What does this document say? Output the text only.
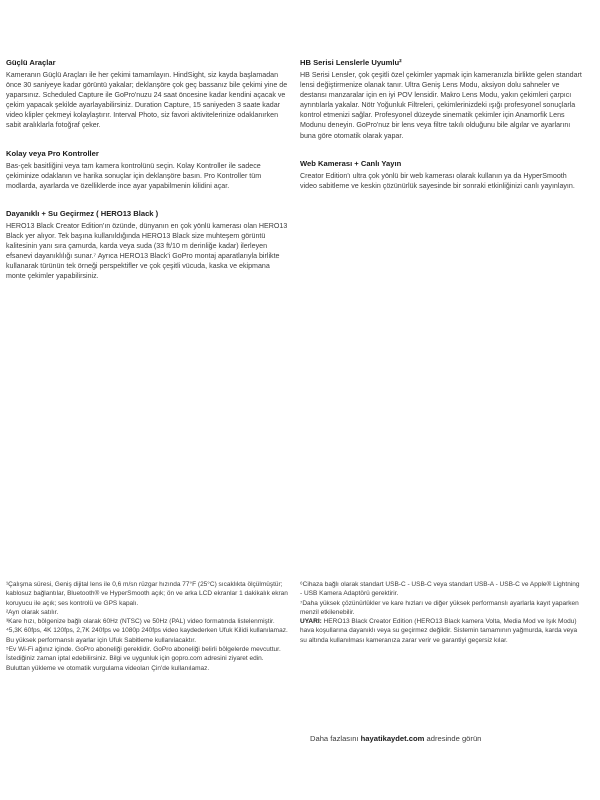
Güçlü Araçlar

Kameranın Güçlü Araçları ile her çekimi tamamlayın. HindSight, siz kayda başlamadan önce 30 saniyeye kadar görüntü yakalar; deklanşöre çok geç bassanız bile çekimi yine de yaparsınız. Scheduled Capture ile GoPro'nuzu 24 saat öncesine kadar kendini açacak ve çekim yapacak şekilde ayarlayabilirsiniz. Duration Capture, 15 saniyeden 3 saate kadar video klipler çekmeyi kolaylaştırır. Interval Photo, siz favori aktivitelerinize odaklanırken sabit aralıklarla fotoğraf çeker.

Kolay veya Pro Kontroller

Bas-çek basitliğini veya tam kamera kontrolünü seçin. Kolay Kontroller ile sadece çekiminize odaklanın ve harika sonuçlar için deklanşöre basın. Pro Kontroller tüm modlarda, ayarlarda ve özelliklerde ince ayar yapabilmenin kilidini açar.

Dayanıklı + Su Geçirmez ( HERO13 Black )

HERO13 Black Creator Edition'ın özünde, dünyanın en çok yönlü kamerası olan HERO13 Black yer alıyor. Tek başına kullanıldığında HERO13 Black size muhteşem görüntü kalitesinin yanı sıra çamurda, karda veya suda (33 ft/10 m derinliğe kadar) ilerleyen efsanevi dayanıklılığı sunar.⁷ Ayrıca HERO13 Black'i GoPro montaj aparatlarıyla birlikte kullanarak türünün tek örneği perspektifler ve çok çeşitli vücuda, kaska ve ekipmana monte çekimler yapabilirsiniz.

HB Serisi Lenslerle Uyumlu²

HB Serisi Lensler, çok çeşitli özel çekimler yapmak için kameranızla birlikte gelen standart lensi değiştirmenize olanak tanır. Ultra Geniş Lens Modu, aksiyon dolu sahneler ve destansı manzaralar için en iyi POV lensidir. Makro Lens Modu, yakın çekimleri çarpıcı ayrıntılarla yakalar. Nötr Yoğunluk Filtreleri, çekimlerinizdeki ışığı profesyonel sonuçlarla kontrol etmenizi sağlar. Profesyonel düzeyde sinematik çekimler için Anamorfik Lens Modunu deneyin. GoPro'nuz bir lens veya filtre takılı olduğunu bile algılar ve ayarlarını buna göre otomatik olarak yapar.

Web Kamerası + Canlı Yayın

Creator Edition'ı ultra çok yönlü bir web kamerası olarak kullanın ya da HyperSmooth video sabitleme ve keskin çözünürlük sayesinde bir sonraki etkinliğinizi canlı yayınlayın.

¹Çalışma süresi, Geniş dijital lens ile 0,6 m/sn rüzgar hızında 77°F (25°C) sıcaklıkta ölçülmüştür; kablosuz bağlantılar, Bluetooth® ve HyperSmooth açık; ön ve arka LCD ekranlar 1 dakikalık ekran koruyucu ile açık; ses kontrolü ve GPS kapalı.

²Ayrı olarak satılır.

³Kare hızı, bölgenize bağlı olarak 60Hz (NTSC) ve 50Hz (PAL) video formatında listelenmiştir.

⁴5,3K 60fps, 4K 120fps, 2,7K 240fps ve 1080p 240fps video kaydederken Ufuk Kilidi kullanılamaz. Bu yüksek performanslı ayarlar için Ufuk Sabitleme kullanılacaktır.

⁵Ev Wi-Fi ağınız içinde. GoPro aboneliği gereklidir. GoPro aboneliği belirli bölgelerde mevcuttur. İstediğiniz zaman iptal edebilirsiniz. Bilgi ve uygunluk için gopro.com adresini ziyaret edin. Buluttan yükleme ve otomatik vurgulama videoları Çin'de kullanılamaz.

⁶Cihaza bağlı olarak standart USB-C - USB-C veya standart USB-A - USB-C ve Apple® Lightning - USB Kamera Adaptörü gerektirir.

⁷Daha yüksek çözünürlükler ve kare hızları ve diğer yüksek performanslı ayarlarla kayıt yaparken menzil etkilenebilir.

UYARI: HERO13 Black Creator Edition (HERO13 Black kamera Volta, Media Mod ve Işık Modu) hava koşullarına dayanıklı veya su geçirmez değildir. Sistemin tamamının yağmurda, karda veya su altında kullanılması kameranıza zarar verir ve garantiyi geçersiz kılar.

Daha fazlasını hayatikaydet.com adresinde görün
